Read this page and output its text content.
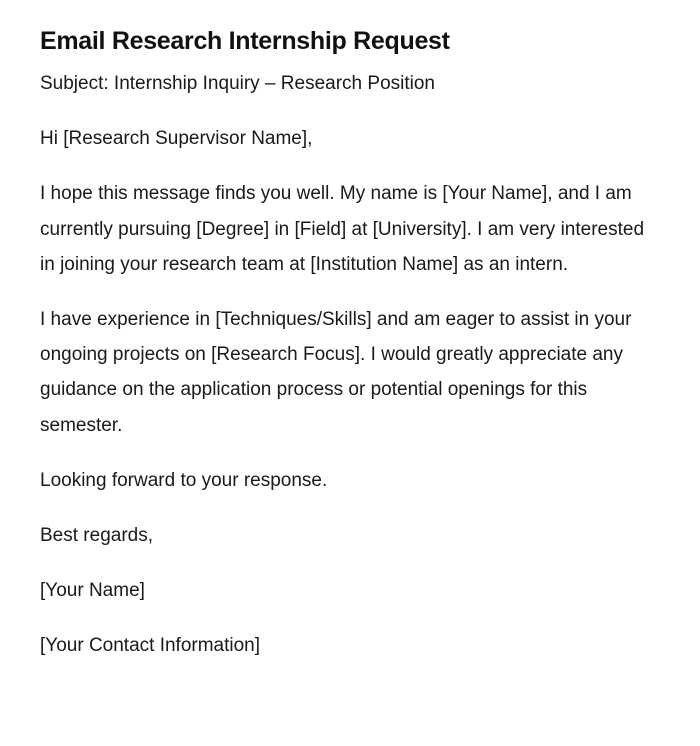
Email Research Internship Request

Subject: Internship Inquiry – Research Position

Hi [Research Supervisor Name],

I hope this message finds you well. My name is [Your Name], and I am currently pursuing [Degree] in [Field] at [University]. I am very interested in joining your research team at [Institution Name] as an intern.

I have experience in [Techniques/Skills] and am eager to assist in your ongoing projects on [Research Focus]. I would greatly appreciate any guidance on the application process or potential openings for this semester.

Looking forward to your response.

Best regards,

[Your Name]

[Your Contact Information]
